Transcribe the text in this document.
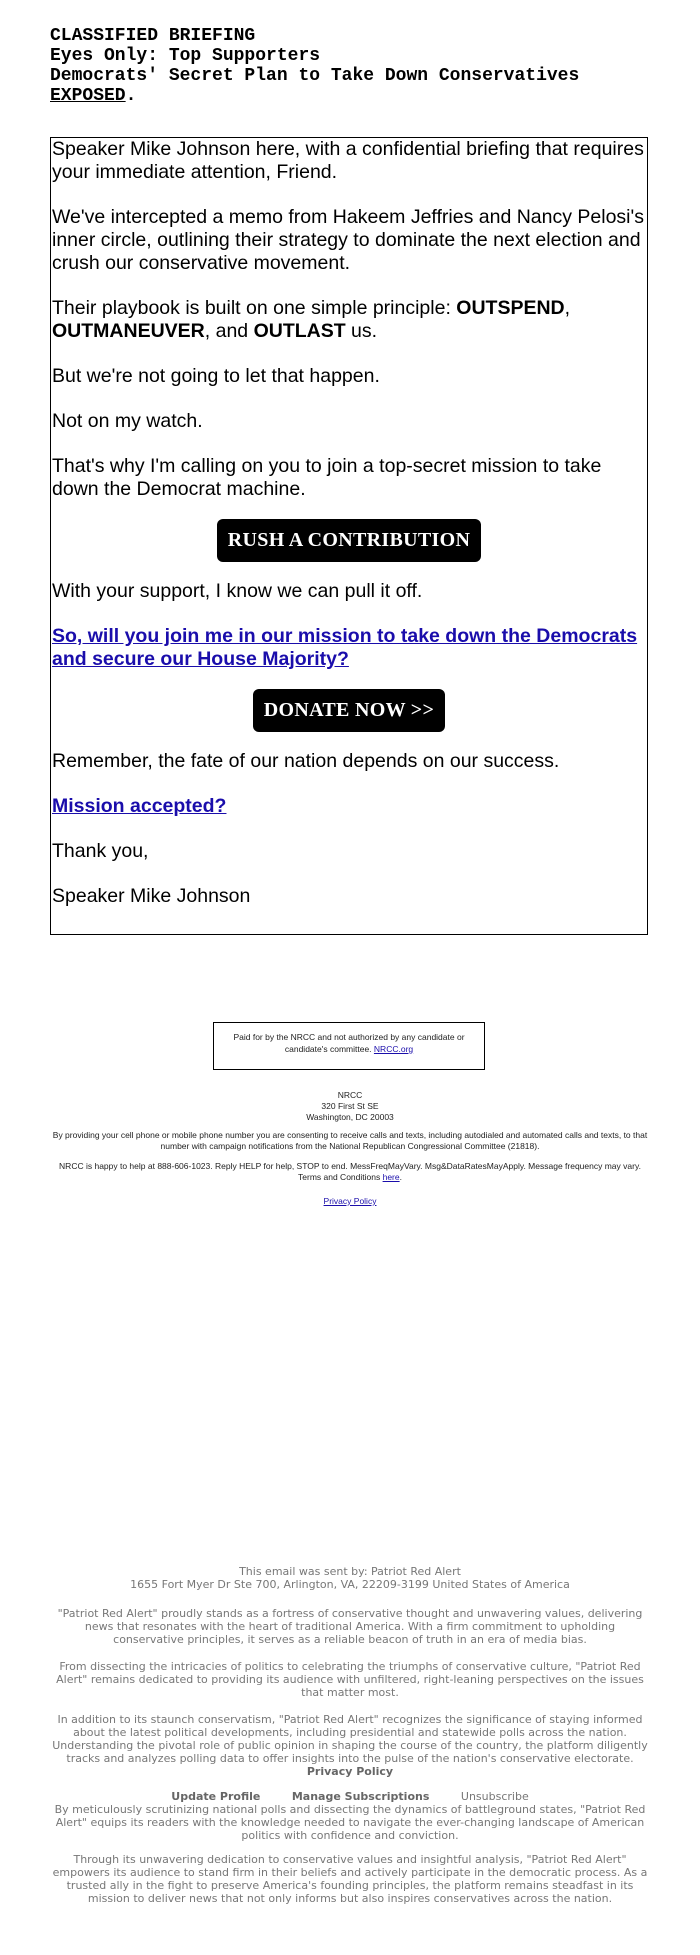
CLASSIFIED BRIEFING
Eyes Only: Top Supporters
Democrats' Secret Plan to Take Down Conservatives
EXPOSED.

Speaker Mike Johnson here, with a confidential briefing that requires your immediate attention, Friend.

We've intercepted a memo from Hakeem Jeffries and Nancy Pelosi's inner circle, outlining their strategy to dominate the next election and crush our conservative movement.

Their playbook is built on one simple principle: OUTSPEND, OUTMANEUVER, and OUTLAST us.

But we're not going to let that happen.

Not on my watch.

That's why I'm calling on you to join a top-secret mission to take down the Democrat machine.

RUSH A CONTRIBUTION

With your support, I know we can pull it off.

So, will you join me in our mission to take down the Democrats and secure our House Majority?

DONATE NOW >>

Remember, the fate of our nation depends on our success.

Mission accepted?

Thank you,

Speaker Mike Johnson

Paid for by the NRCC and not authorized by any candidate or candidate's committee. NRCC.org
NRCC
320 First St SE
Washington, DC 20003
By providing your cell phone or mobile phone number you are consenting to receive calls and texts, including autodialed and automated calls and texts, to that number with campaign notifications from the National Republican Congressional Committee (21818).
NRCC is happy to help at 888-606-1023. Reply HELP for help, STOP to end. MessFreqMayVary. Msg&DataRatesMayApply. Message frequency may vary. Terms and Conditions here.
Privacy Policy
This email was sent by: Patriot Red Alert
1655 Fort Myer Dr Ste 700, Arlington, VA, 22209-3199 United States of America
"Patriot Red Alert" proudly stands as a fortress of conservative thought and unwavering values, delivering news that resonates with the heart of traditional America. With a firm commitment to upholding conservative principles, it serves as a reliable beacon of truth in an era of media bias.
From dissecting the intricacies of politics to celebrating the triumphs of conservative culture, "Patriot Red Alert" remains dedicated to providing its audience with unfiltered, right-leaning perspectives on the issues that matter most.
In addition to its staunch conservatism, "Patriot Red Alert" recognizes the significance of staying informed about the latest political developments, including presidential and statewide polls across the nation. Understanding the pivotal role of public opinion in shaping the course of the country, the platform diligently tracks and analyzes polling data to offer insights into the pulse of the nation's conservative electorate.
Privacy Policy
Update Profile	Manage Subscriptions	Unsubscribe
By meticulously scrutinizing national polls and dissecting the dynamics of battleground states, "Patriot Red Alert" equips its readers with the knowledge needed to navigate the ever-changing landscape of American politics with confidence and conviction.
Through its unwavering dedication to conservative values and insightful analysis, "Patriot Red Alert" empowers its audience to stand firm in their beliefs and actively participate in the democratic process. As a trusted ally in the fight to preserve America's founding principles, the platform remains steadfast in its mission to deliver news that not only informs but also inspires conservatives across the nation.
